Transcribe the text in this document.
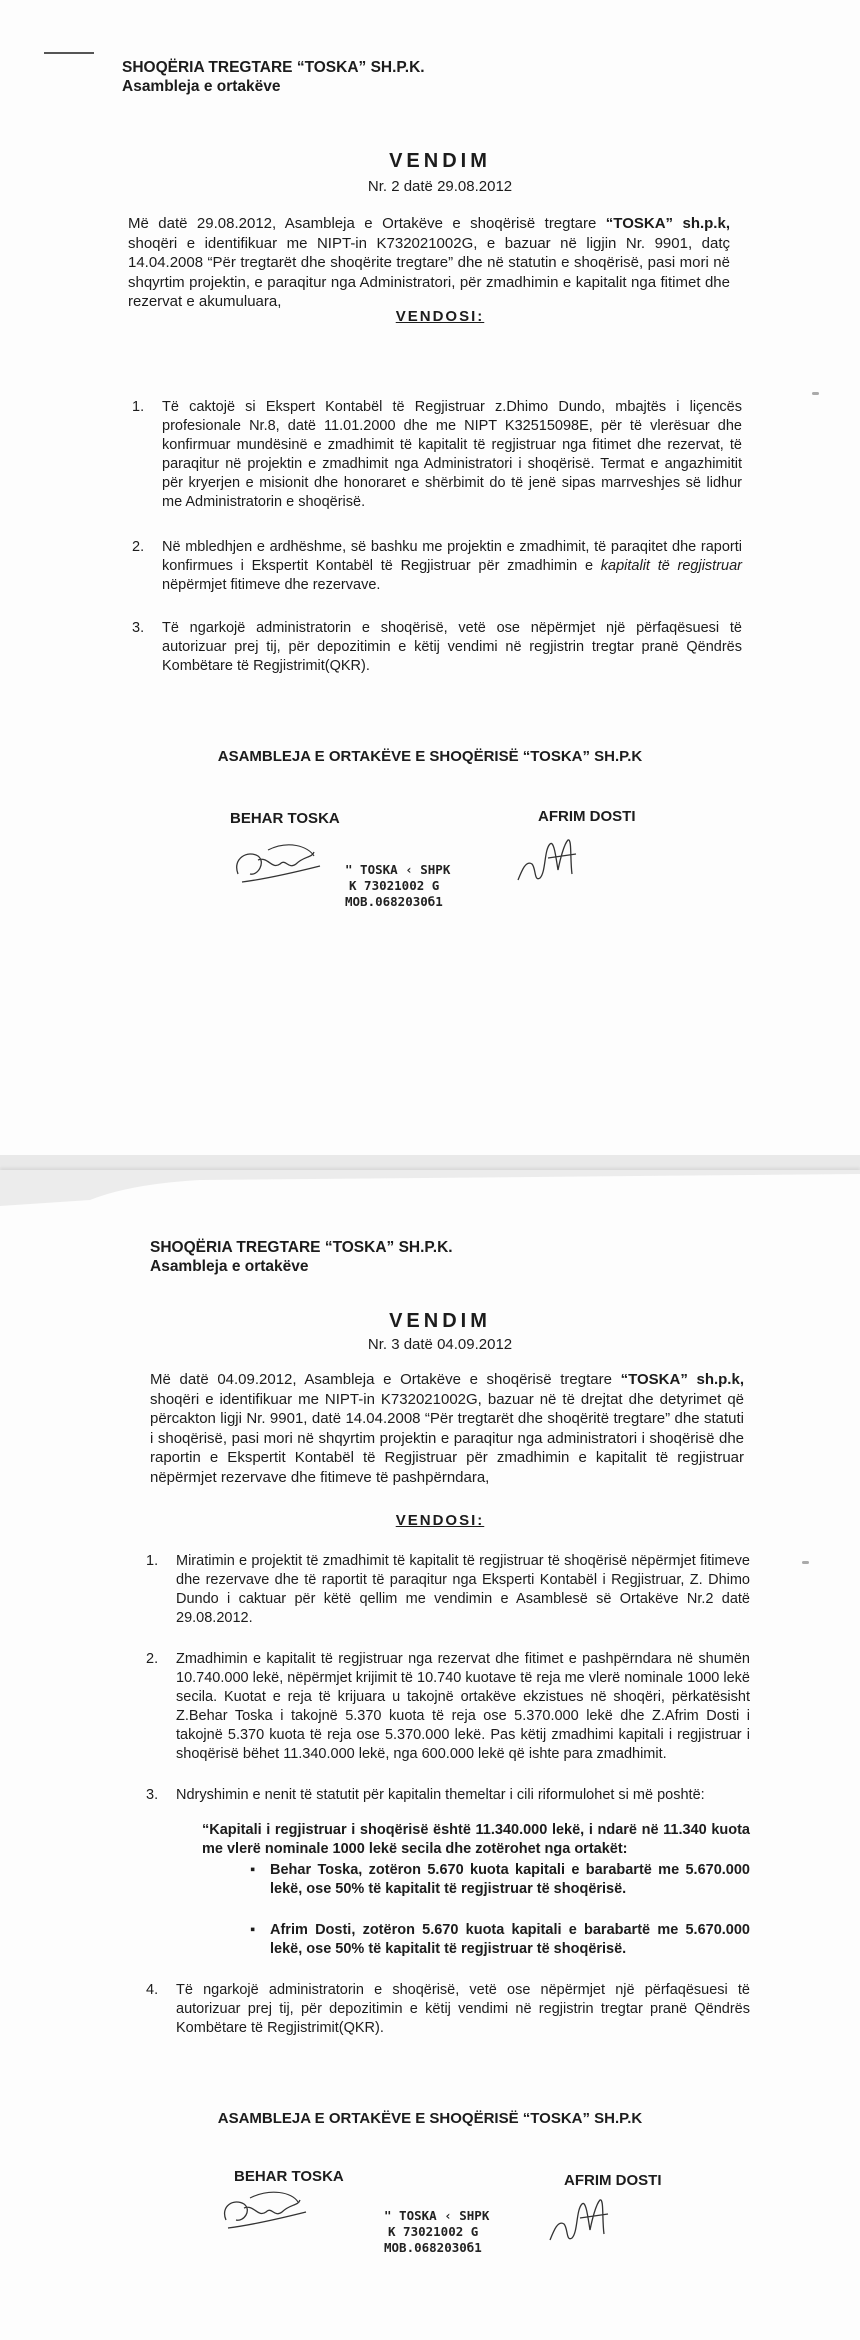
SHOQËRIA TREGTARE “TOSKA” SH.P.K.
Asambleja e ortakëve
VENDIM
Nr. 2 datë 29.08.2012
Më datë 29.08.2012, Asambleja e Ortakëve e shoqërisë tregtare “TOSKA” sh.p.k, shoqëri e identifikuar me NIPT-in K732021002G, e bazuar në ligjin Nr. 9901, datç 14.04.2008 “Për tregtarët dhe shoqërite tregtare” dhe në statutin e shoqërisë, pasi mori në shqyrtim projektin, e paraqitur nga Administratori, për zmadhimin e kapitalit nga fitimet dhe rezervat e akumuluara,
VENDOSI:
1. Të caktojë si Ekspert Kontabël të Regjistruar z.Dhimo Dundo, mbajtës i liçencës profesionale Nr.8, datë 11.01.2000 dhe me NIPT K32515098E, për të vlerësuar dhe konfirmuar mundësinë e zmadhimit të kapitalit të regjistruar nga fitimet dhe rezervat, të paraqitur në projektin e zmadhimit nga Administratori i shoqërisë. Termat e angazhimitit për kryerjen e misionit dhe honoraret e shërbimit do të jenë sipas marrveshjes së lidhur me Administratorin e shoqërisë.
2. Në mbledhjen e ardhëshme, së bashku me projektin e zmadhimit, të paraqitet dhe raporti konfirmues i Ekspertit Kontabël të Regjistruar për zmadhimin e kapitalit të regjistruar nëpërmjet fitimeve dhe rezervave.
3. Të ngarkojë administratorin e shoqërisë, vetë ose nëpërmjet një përfaqësuesi të autorizuar prej tij, për depozitimin e këtij vendimi në regjistrin tregtar pranë Qëndrës Kombëtare të Regjistrimit(QKR).
ASAMBLEJA E ORTAKËVE E SHOQËRISË “TOSKA” SH.P.K
BEHAR TOSKA	AFRIM DOSTI
" TOSKA ‹ SHPK
K 73021002 G
MOB.0682030б1
SHOQËRIA TREGTARE “TOSKA” SH.P.K.
Asambleja e ortakëve
VENDIM
Nr. 3 datë 04.09.2012
Më datë 04.09.2012, Asambleja e Ortakëve e shoqërisë tregtare “TOSKA” sh.p.k, shoqëri e identifikuar me NIPT-in K732021002G, bazuar në të drejtat dhe detyrimet që përcakton ligji Nr. 9901, datë 14.04.2008 “Për tregtarët dhe shoqëritë tregtare” dhe statuti i shoqërisë, pasi mori në shqyrtim projektin e paraqitur nga administratori i shoqërisë dhe raportin e Ekspertit Kontabël të Regjistruar për zmadhimin e kapitalit të regjistruar nëpërmjet rezervave dhe fitimeve të pashpërndara,
VENDOSI:
1. Miratimin e projektit të zmadhimit të kapitalit të regjistruar të shoqërisë nëpërmjet fitimeve dhe rezervave dhe të raportit të paraqitur nga Eksperti Kontabël i Regjistruar, Z. Dhimo Dundo i caktuar për këtë qellim me vendimin e Asamblesë së Ortakëve Nr.2 datë 29.08.2012.
2. Zmadhimin e kapitalit të regjistruar nga rezervat dhe fitimet e pashpërndara në shumën 10.740.000 lekë, nëpërmjet krijimit të 10.740 kuotave të reja me vlerë nominale 1000 lekë secila. Kuotat e reja të krijuara u takojnë ortakëve ekzistues në shoqëri, përkatësisht Z.Behar Toska i takojnë 5.370 kuota të reja ose 5.370.000 lekë dhe Z.Afrim Dosti i takojnë 5.370 kuota të reja ose 5.370.000 lekë. Pas këtij zmadhimi kapitali i regjistruar i shoqërisë bëhet 11.340.000 lekë, nga 600.000 lekë që ishte para zmadhimit.
3. Ndryshimin e nenit të statutit për kapitalin themeltar i cili riformulohet si më poshtë:
“Kapitali i regjistruar i shoqërisë është 11.340.000 lekë, i ndarë në 11.340 kuota me vlerë nominale 1000 lekë secila dhe zotërohet nga ortakët:
▪ Behar Toska, zotëron 5.670 kuota kapitali e barabartë me 5.670.000 lekë, ose 50% të kapitalit të regjistruar të shoqërisë.
▪ Afrim Dosti, zotëron 5.670 kuota kapitali e barabartë me 5.670.000 lekë, ose 50% të kapitalit të regjistruar të shoqërisë.
4. Të ngarkojë administratorin e shoqërisë, vetë ose nëpërmjet një përfaqësuesi të autorizuar prej tij, për depozitimin e këtij vendimi në regjistrin tregtar pranë Qëndrës Kombëtare të Regjistrimit(QKR).
ASAMBLEJA E ORTAKËVE E SHOQËRISË “TOSKA” SH.P.K
BEHAR TOSKA	AFRIM DOSTI
" TOSKA ‹ SHPK
K 73021002 G
MOB.0682030б1
